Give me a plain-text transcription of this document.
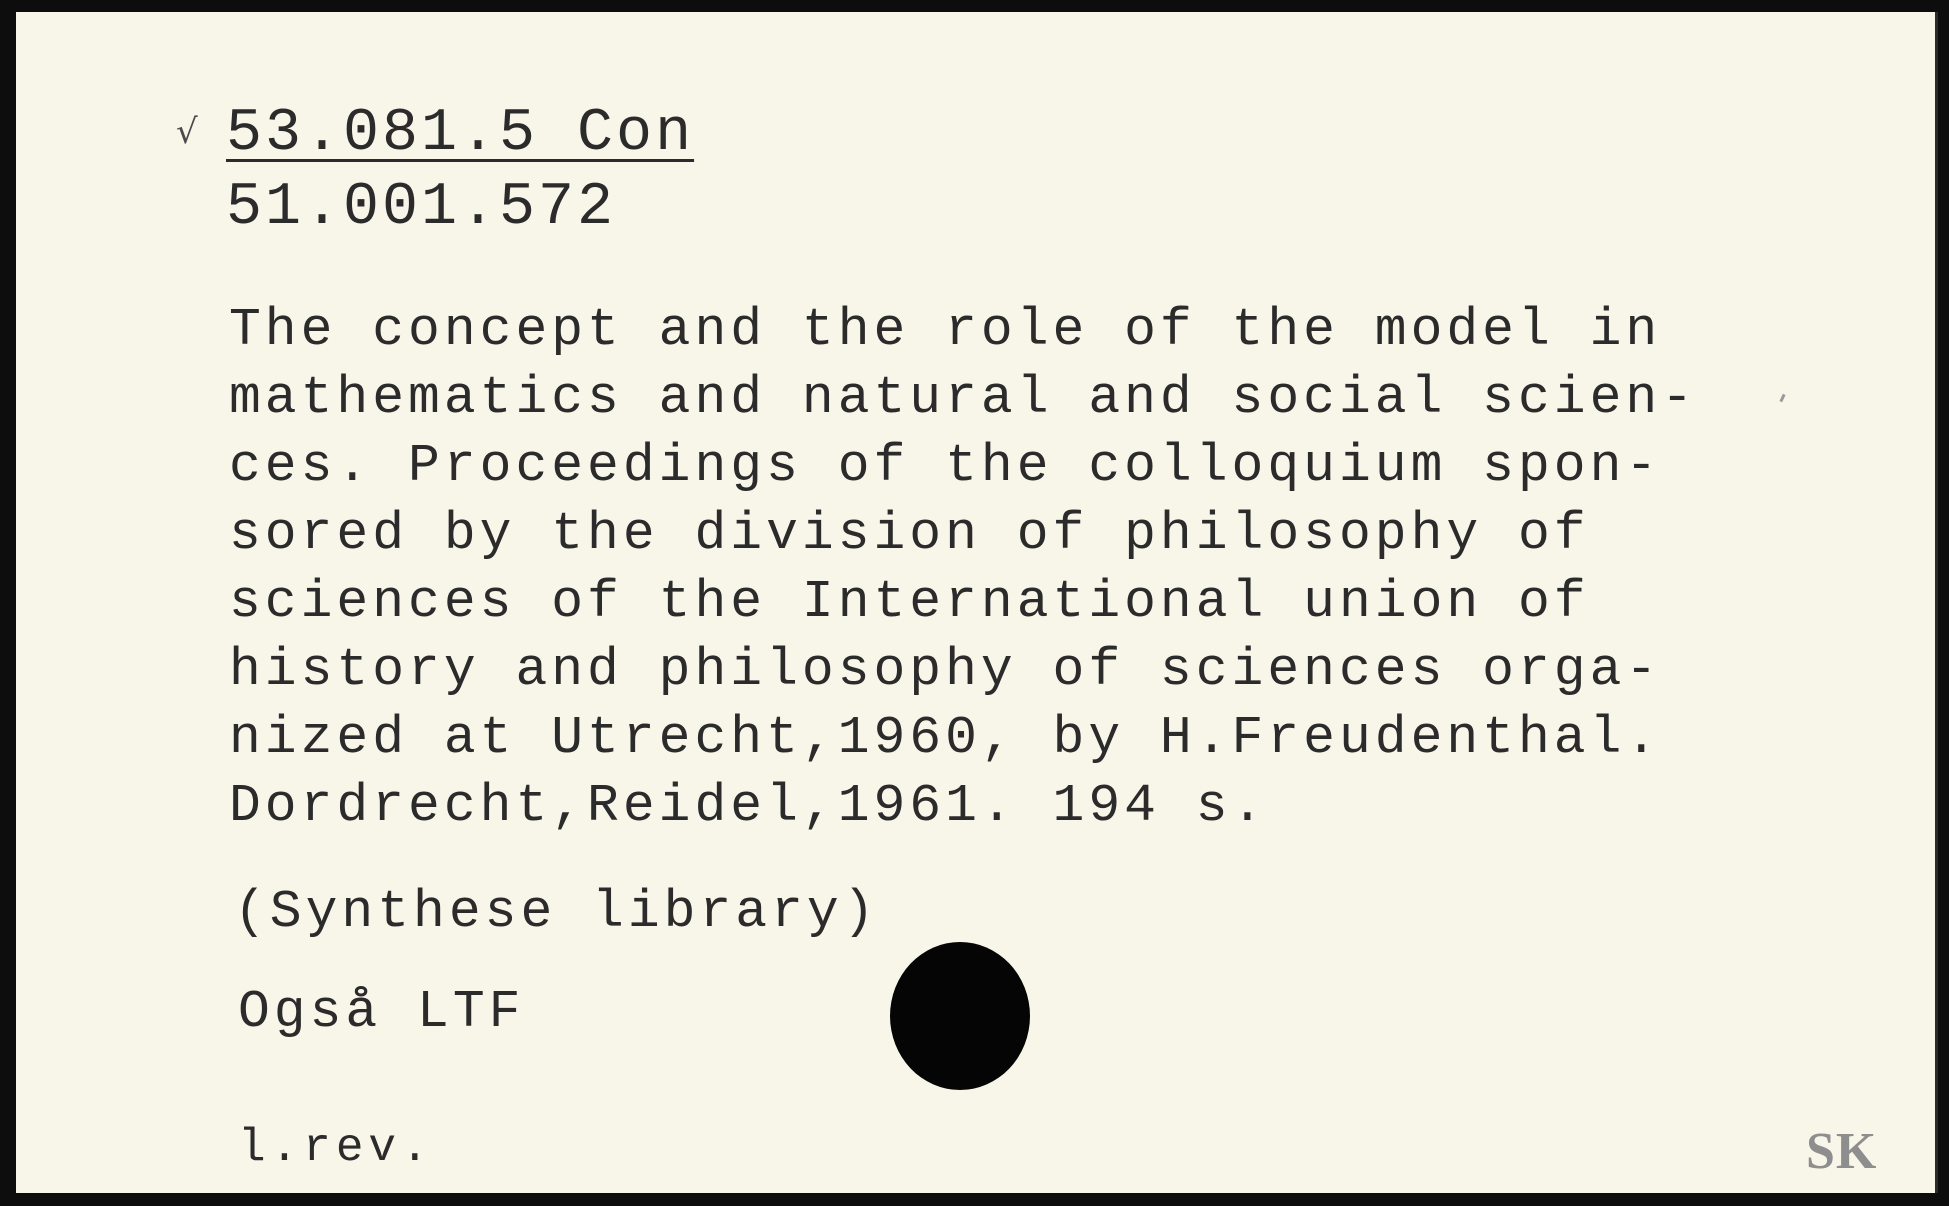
√ 53.081.5 Con
51.001.572
The concept and the role of the model in
mathematics and natural and social scien-
ces. Proceedings of the colloquium spon-
sored by the division of philosophy of
sciences of the International union of
history and philosophy of sciences orga-
nized at Utrecht,1960, by H.Freudenthal.
Dordrecht,Reidel,1961. 194 s.
(Synthese library)
Også LTF
l.rev.	SK
